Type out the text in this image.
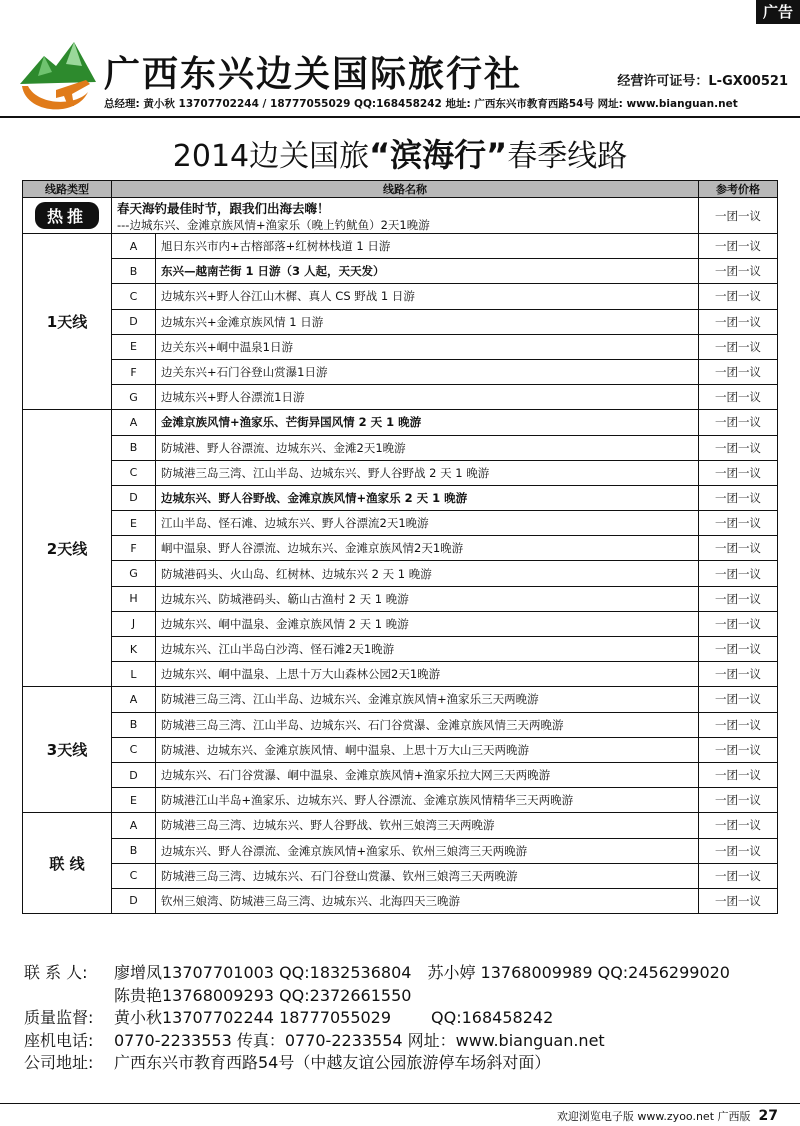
广告
广西东兴边关国际旅行社	经营许可证号：L-GX00521
总经理: 黄小秋 13707702244 / 18777055029 QQ:168458242 地址: 广西东兴市教育西路54号 网址: www.bianguan.net
2014边关国旅“滨海行”春季线路
线路类型	线路名称		参考价格
热推	春天海钓最佳时节，跟我们出海去嗨！
---边城东兴、金滩京族风情+渔家乐（晚上钓鱿鱼）2天1晚游		一团一议
1天线	A	旭日东兴市内+古榕部落+红树林栈道 1 日游	一团一议
	B	东兴—越南芒街 1 日游（3 人起，天天发）	一团一议
	C	边城东兴+野人谷江山木樨、真人 CS 野战 1 日游	一团一议
	D	边城东兴+金滩京族风情 1 日游	一团一议
	E	边关东兴+峒中温泉1日游	一团一议
	F	边关东兴+石门谷登山赏瀑1日游	一团一议
	G	边城东兴+野人谷漂流1日游	一团一议
2天线	A	金滩京族风情+渔家乐、芒街异国风情 2 天 1 晚游	一团一议
	B	防城港、野人谷漂流、边城东兴、金滩2天1晚游	一团一议
	C	防城港三岛三湾、江山半岛、边城东兴、野人谷野战 2 天 1 晚游	一团一议
	D	边城东兴、野人谷野战、金滩京族风情+渔家乐 2 天 1 晚游	一团一议
	E	江山半岛、怪石滩、边城东兴、野人谷漂流2天1晚游	一团一议
	F	峒中温泉、野人谷漂流、边城东兴、金滩京族风情2天1晚游	一团一议
	G	防城港码头、火山岛、红树林、边城东兴 2 天 1 晚游	一团一议
	H	边城东兴、防城港码头、簕山古渔村 2 天 1 晚游	一团一议
	J	边城东兴、峒中温泉、金滩京族风情 2 天 1 晚游	一团一议
	K	边城东兴、江山半岛白沙湾、怪石滩2天1晚游	一团一议
	L	边城东兴、峒中温泉、上思十万大山森林公园2天1晚游	一团一议
3天线	A	防城港三岛三湾、江山半岛、边城东兴、金滩京族风情+渔家乐三天两晚游	一团一议
	B	防城港三岛三湾、江山半岛、边城东兴、石门谷赏瀑、金滩京族风情三天两晚游	一团一议
	C	防城港、边城东兴、金滩京族风情、峒中温泉、上思十万大山三天两晚游	一团一议
	D	边城东兴、石门谷赏瀑、峒中温泉、金滩京族风情+渔家乐拉大网三天两晚游	一团一议
	E	防城港江山半岛+渔家乐、边城东兴、野人谷漂流、金滩京族风情精华三天两晚游	一团一议
联 线	A	防城港三岛三湾、边城东兴、野人谷野战、钦州三娘湾三天两晚游	一团一议
	B	边城东兴、野人谷漂流、金滩京族风情+渔家乐、钦州三娘湾三天两晚游	一团一议
	C	防城港三岛三湾、边城东兴、石门谷登山赏瀑、钦州三娘湾三天两晚游	一团一议
	D	钦州三娘湾、防城港三岛三湾、边城东兴、北海四天三晚游	一团一议
联 系 人: 廖增凤13707701003 QQ:1832536804 苏小婷 13768009989 QQ:2456299020
陈贵艳13768009293 QQ:2372661550
质量监督: 黄小秋13707702244 18777055029	QQ:168458242
座机电话: 0770-2233553 传真：0770-2233554 网址：www.bianguan.net
公司地址: 广西东兴市教育西路54号（中越友谊公园旅游停车场斜对面）
欢迎浏览电子版 www.zyoo.net 广西版 27
